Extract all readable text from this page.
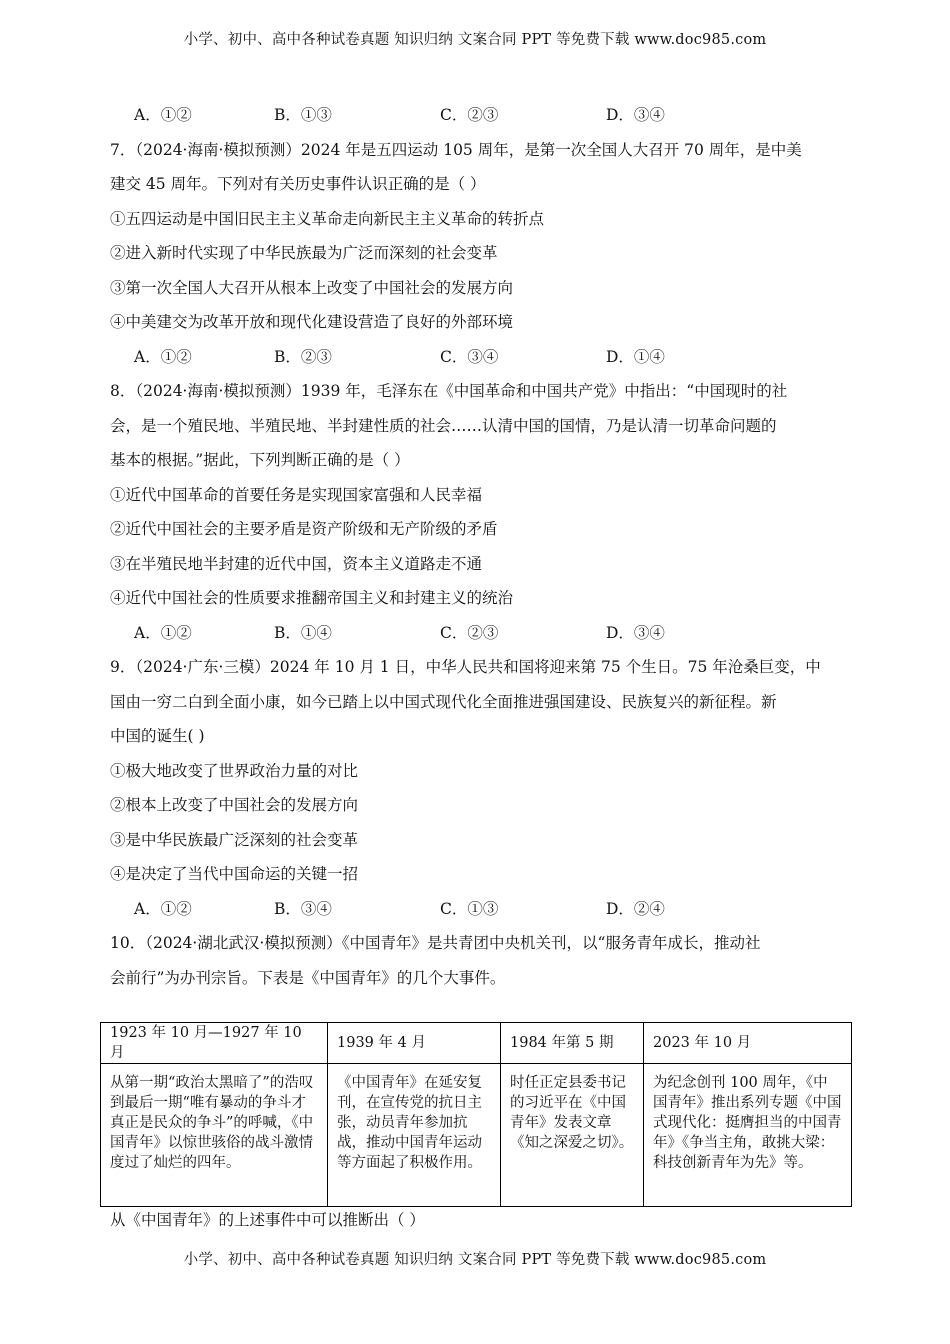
小学、初中、高中各种试卷真题 知识归纳 文案合同 PPT 等免费下载 www.doc985.com
A．①②	B．①③	C．②③	D．③④
7．（2024·海南·模拟预测）2024 年是五四运动 105 周年，是第一次全国人大召开 70 周年，是中美
建交 45 周年。下列对有关历史事件认识正确的是（ ）
①五四运动是中国旧民主主义革命走向新民主主义革命的转折点
②进入新时代实现了中华民族最为广泛而深刻的社会变革
③第一次全国人大召开从根本上改变了中国社会的发展方向
④中美建交为改革开放和现代化建设营造了良好的外部环境
A．①②	B．②③	C．③④	D．①④
8．（2024·海南·模拟预测）1939 年，毛泽东在《中国革命和中国共产党》中指出：“中国现时的社
会，是一个殖民地、半殖民地、半封建性质的社会……认清中国的国情，乃是认清一切革命问题的
基本的根据。”据此，下列判断正确的是（ ）
①近代中国革命的首要任务是实现国家富强和人民幸福
②近代中国社会的主要矛盾是资产阶级和无产阶级的矛盾
③在半殖民地半封建的近代中国，资本主义道路走不通
④近代中国社会的性质要求推翻帝国主义和封建主义的统治
A．①②	B．①④	C．②③	D．③④
9．（2024·广东·三模）2024 年 10 月 1 日，中华人民共和国将迎来第 75 个生日。75 年沧桑巨变，中
国由一穷二白到全面小康，如今已踏上以中国式现代化全面推进强国建设、民族复兴的新征程。新
中国的诞生( )
①极大地改变了世界政治力量的对比
②根本上改变了中国社会的发展方向
③是中华民族最广泛深刻的社会变革
④是决定了当代中国命运的关键一招
A．①②	B．③④	C．①③	D．②④
10．（2024·湖北武汉·模拟预测）《中国青年》是共青团中央机关刊，以“服务青年成长，推动社
会前行”为办刊宗旨。下表是《中国青年》的几个大事件。
1923 年 10 月—1927 年 10 月	1939 年 4 月	1984 年第 5 期	2023 年 10 月
从第一期“政治太黑暗了”的浩叹到最后一期“唯有暴动的争斗才真正是民众的争斗”的呼喊，《中国青年》以惊世骇俗的战斗激情度过了灿烂的四年。	《中国青年》在延安复刊，在宣传党的抗日主张，动员青年参加抗战，推动中国青年运动等方面起了积极作用。	时任正定县委书记的习近平在《中国青年》发表文章《知之深爱之切》。	为纪念创刊 100 周年，《中国青年》推出系列专题《中国式现代化：挺膺担当的中国青年》《争当主角，敢挑大梁：科技创新青年为先》等。
从《中国青年》的上述事件中可以推断出（ ）
小学、初中、高中各种试卷真题 知识归纳 文案合同 PPT 等免费下载 www.doc985.com
